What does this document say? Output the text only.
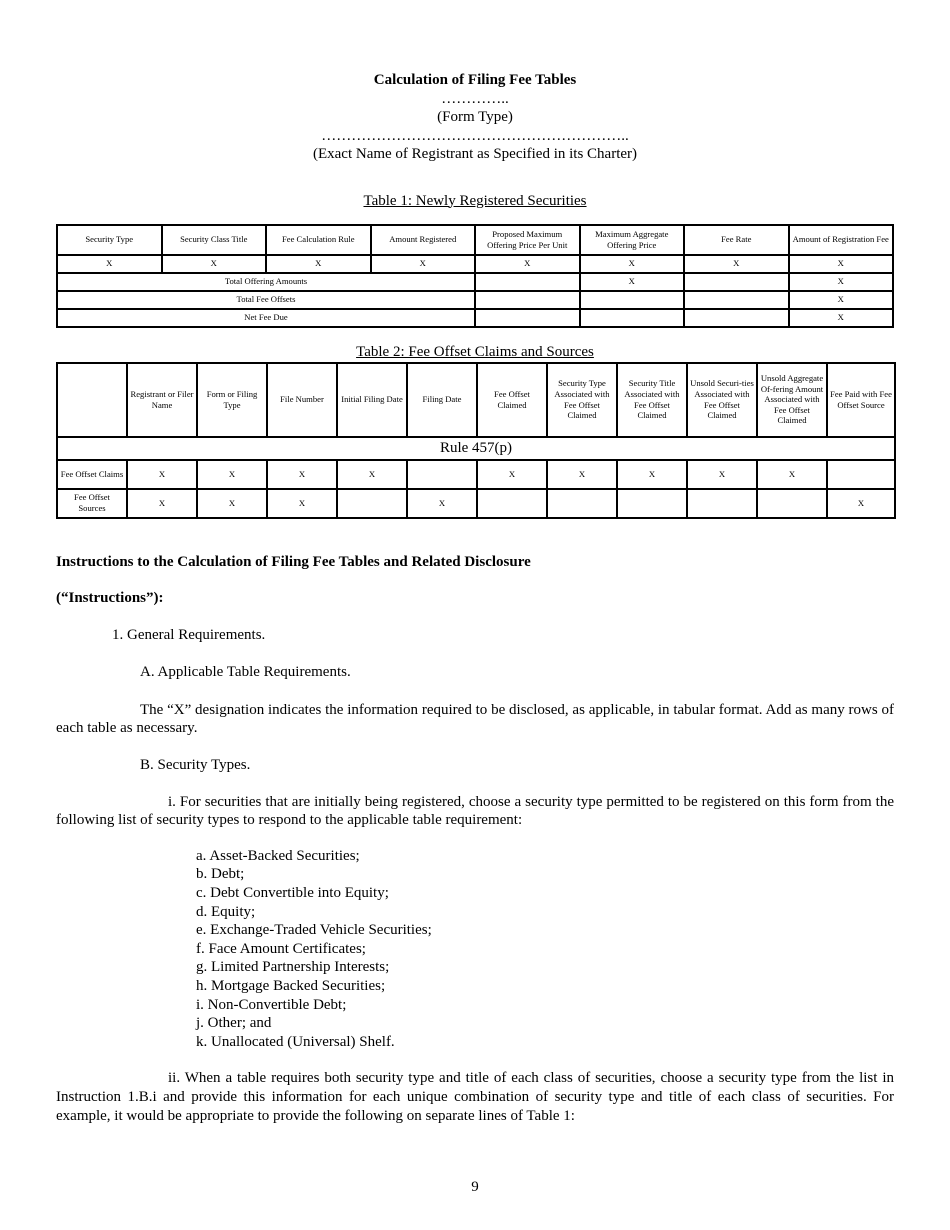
Calculation of Filing Fee Tables
…………..
(Form Type)
……………………………………………………..
(Exact Name of Registrant as Specified in its Charter)
Table 1: Newly Registered Securities
Security Type	Security Class Title	Fee Calculation Rule	Amount Registered	Proposed Maximum Offering Price Per Unit	Maximum Aggregate Offering Price	Fee Rate	Amount of Registration Fee
X	X	X	X	X	X	X	X
Total Offering Amounts					X		X
Total Fee Offsets							X
Net Fee Due							X
Table 2: Fee Offset Claims and Sources
	Registrant or Filer Name	Form or Filing Type	File Number	Initial Filing Date	Filing Date	Fee Offset Claimed	Security Type Associated with Fee Offset Claimed	Security Title Associated with Fee Offset Claimed	Unsold Securi-ties Associated with Fee Offset Claimed	Unsold Aggregate Of-fering Amount Associated with Fee Offset Claimed	Fee Paid with Fee Offset Source
Rule 457(p)											
Fee Offset Claims	X	X	X	X		X	X	X	X	X	
Fee Offset Sources	X	X	X		X						X

Instructions to the Calculation of Filing Fee Tables and Related Disclosure

(“Instructions”):

1. General Requirements.

A. Applicable Table Requirements.

The “X” designation indicates the information required to be disclosed, as applicable, in tabular format. Add as many rows of each table as necessary.

B. Security Types.

i. For securities that are initially being registered, choose a security type permitted to be registered on this form from the following list of security types to respond to the applicable table requirement:

a. Asset-Backed Securities;
b. Debt;
c. Debt Convertible into Equity;
d. Equity;
e. Exchange-Traded Vehicle Securities;
f. Face Amount Certificates;
g. Limited Partnership Interests;
h. Mortgage Backed Securities;
i. Non-Convertible Debt;
j. Other; and
k. Unallocated (Universal) Shelf.

ii. When a table requires both security type and title of each class of securities, choose a security type from the list in Instruction 1.B.i and provide this information for each unique combination of security type and title of each class of securities. For example, it would be appropriate to provide the following on separate lines of Table 1:

9
